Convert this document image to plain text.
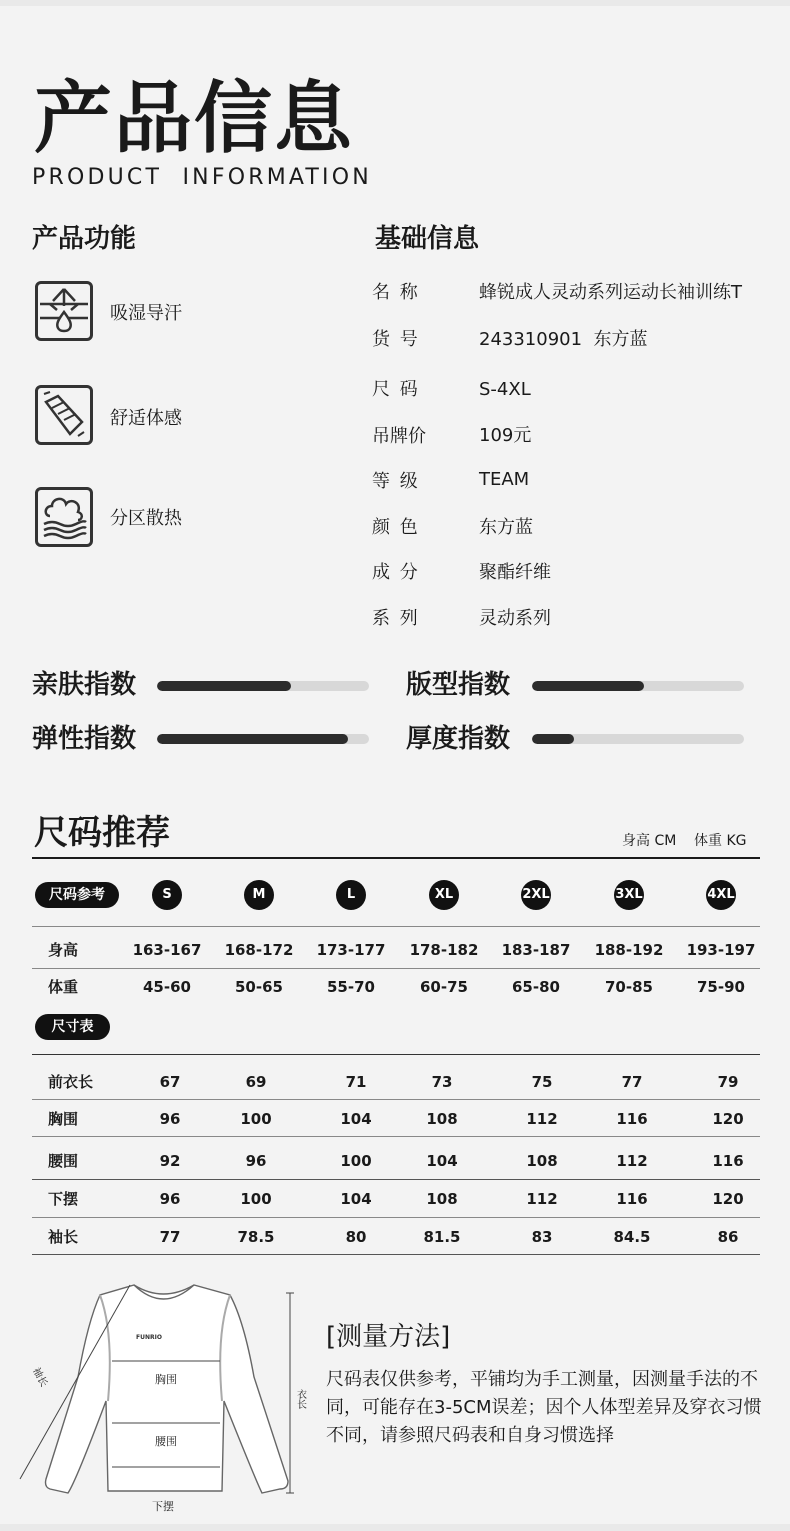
产品信息
PRODUCT  INFORMATION
产品功能
吸湿导汗
舒适体感
分区散热
基础信息
名 称	蜂锐成人灵动系列运动长袖训练T
货 号	243310901  东方蓝
尺 码	S-4XL
吊牌价	109元
等 级	TEAM
颜 色	东方蓝
成 分	聚酯纤维
系 列	灵动系列
亲肤指数	版型指数
弹性指数	厚度指数
尺码推荐	身高 CM 体重 KG
尺码参考	S	M	L	XL	2XL	3XL	4XL
身高	163-167	168-172	173-177	178-182	183-187	188-192	193-197
体重	45-60	50-65	55-70	60-75	65-80	70-85	75-90
尺寸表
前衣长	67	69	71	73	75	77	79
胸围	96	100	104	108	112	116	120
腰围	92	96	100	104	108	112	116
下摆	96	100	104	108	112	116	120
袖长	77	78.5	80	81.5	83	84.5	86
FUNRIO
胸围
腰围
下摆
衣长
袖长
[测量方法]
尺码表仅供参考，平铺均为手工测量，因测量手法的不同，可能存在3-5CM误差；因个人体型差异及穿衣习惯不同，请参照尺码表和自身习惯选择
